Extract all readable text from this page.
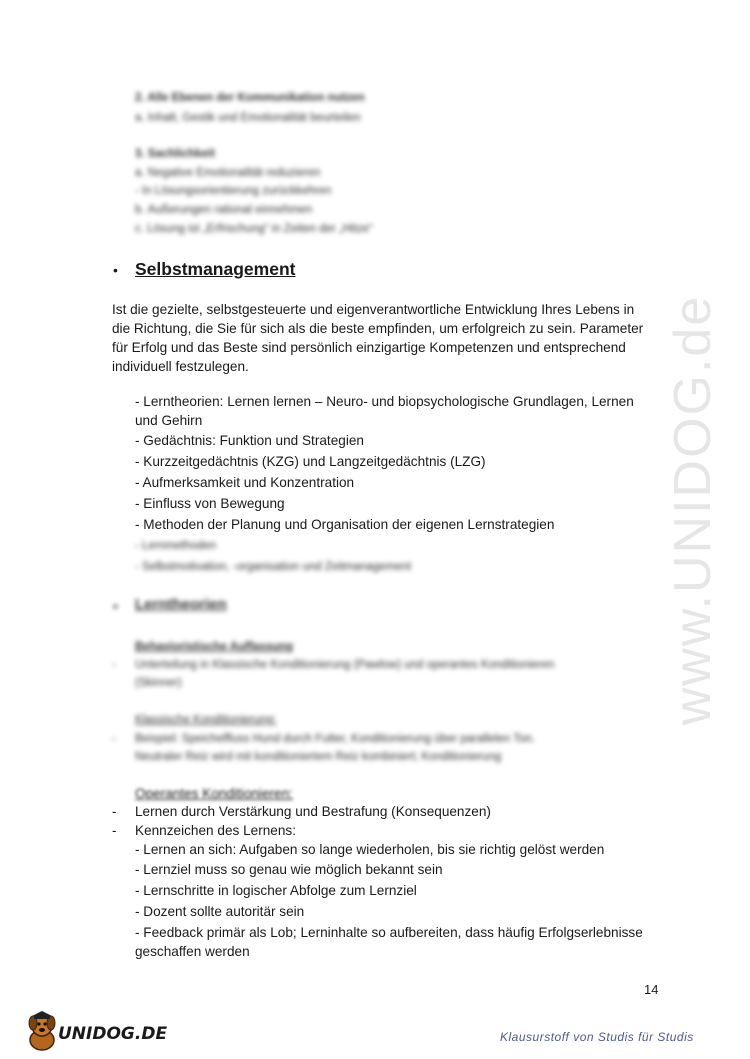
www.UNIDOG.de
2. Alle Ebenen der Kommunikation nutzen
a. Inhalt, Gestik und Emotionalität beurteilen
3. Sachlichkeit
a. Negative Emotionalität reduzieren
- In Lösungsorientierung zurückkehren
b. Äußerungen rational einnehmen
c. Lösung ist „Erfrischung“ in Zeiten der „Hitze“
• Selbstmanagement
Ist die gezielte, selbstgesteuerte und eigenverantwortliche Entwicklung Ihres Lebens in
die Richtung, die Sie für sich als die beste empfinden, um erfolgreich zu sein. Parameter
für Erfolg und das Beste sind persönlich einzigartige Kompetenzen und entsprechend
individuell festzulegen.
- Lerntheorien: Lernen lernen – Neuro- und biopsychologische Grundlagen, Lernen
und Gehirn
- Gedächtnis: Funktion und Strategien
- Kurzzeitgedächtnis (KZG) und Langzeitgedächtnis (LZG)
- Aufmerksamkeit und Konzentration
- Einfluss von Bewegung
- Methoden der Planung und Organisation der eigenen Lernstrategien
- Lernmethoden
- Selbstmotivation, -organisation und Zeitmanagement
• Lerntheorien
Behavioristische Auffassung
- Unterteilung in Klassische Konditionierung (Pawlow) und operantes Konditionieren
(Skinner)
Klassische Konditionierung:
- Beispiel: Speichelfluss Hund durch Futter, Konditionierung über parallelen Ton.
Neutraler Reiz wird mit konditioniertem Reiz kombiniert; Konditionierung
Operantes Konditionieren:
- Lernen durch Verstärkung und Bestrafung (Konsequenzen)
- Kennzeichen des Lernens:
- Lernen an sich: Aufgaben so lange wiederholen, bis sie richtig gelöst werden
- Lernziel muss so genau wie möglich bekannt sein
- Lernschritte in logischer Abfolge zum Lernziel
- Dozent sollte autoritär sein
- Feedback primär als Lob; Lerninhalte so aufbereiten, dass häufig Erfolgserlebnisse
geschaffen werden
14
UNIDOG.DE	Klausurstoff von Studis für Studis
